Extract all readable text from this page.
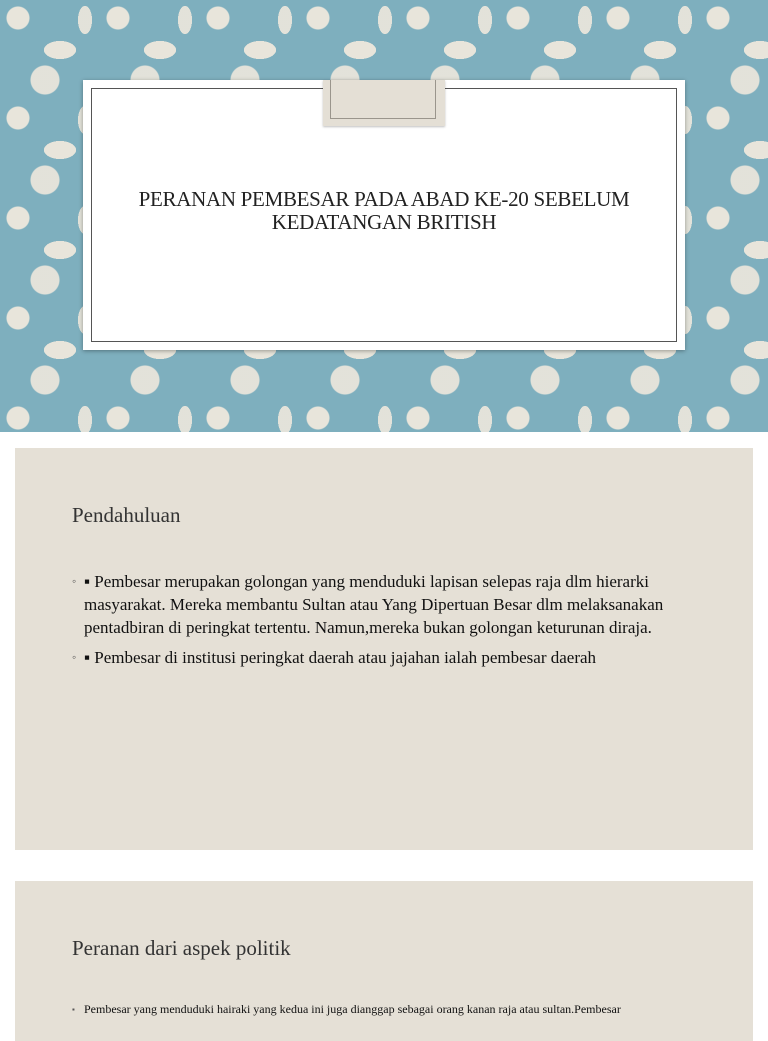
PERANAN PEMBESAR PADA ABAD KE-20 SEBELUM KEDATANGAN BRITISH
Pendahuluan
◦ ▪ Pembesar merupakan golongan yang menduduki lapisan selepas raja dlm hierarki masyarakat. Mereka membantu Sultan atau Yang Dipertuan Besar dlm melaksanakan pentadbiran di peringkat tertentu. Namun,mereka bukan golongan keturunan diraja.
◦ ▪ Pembesar di institusi peringkat daerah atau jajahan ialah pembesar daerah
Peranan dari aspek politik
▪ Pembesar yang menduduki hairaki yang kedua ini juga dianggap sebagai orang kanan raja atau sultan.Pembesar
